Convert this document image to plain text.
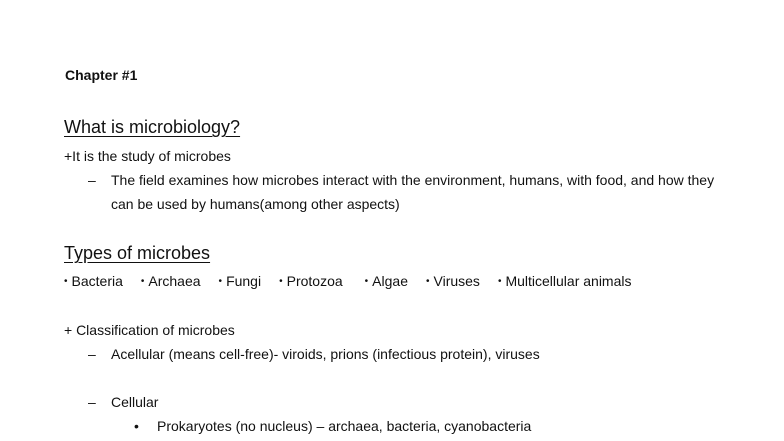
Chapter #1
What is microbiology?
+It is the study of microbes
– The field examines how microbes interact with the environment, humans, with food, and how they
can be used by humans(among other aspects)
Types of microbes
• Bacteria • Archaea • Fungi • Protozoa • Algae • Viruses • Multicellular animals
+ Classification of microbes
– Acellular (means cell-free)- viroids, prions (infectious protein), viruses
– Cellular
• Prokaryotes (no nucleus) – archaea, bacteria, cyanobacteria
